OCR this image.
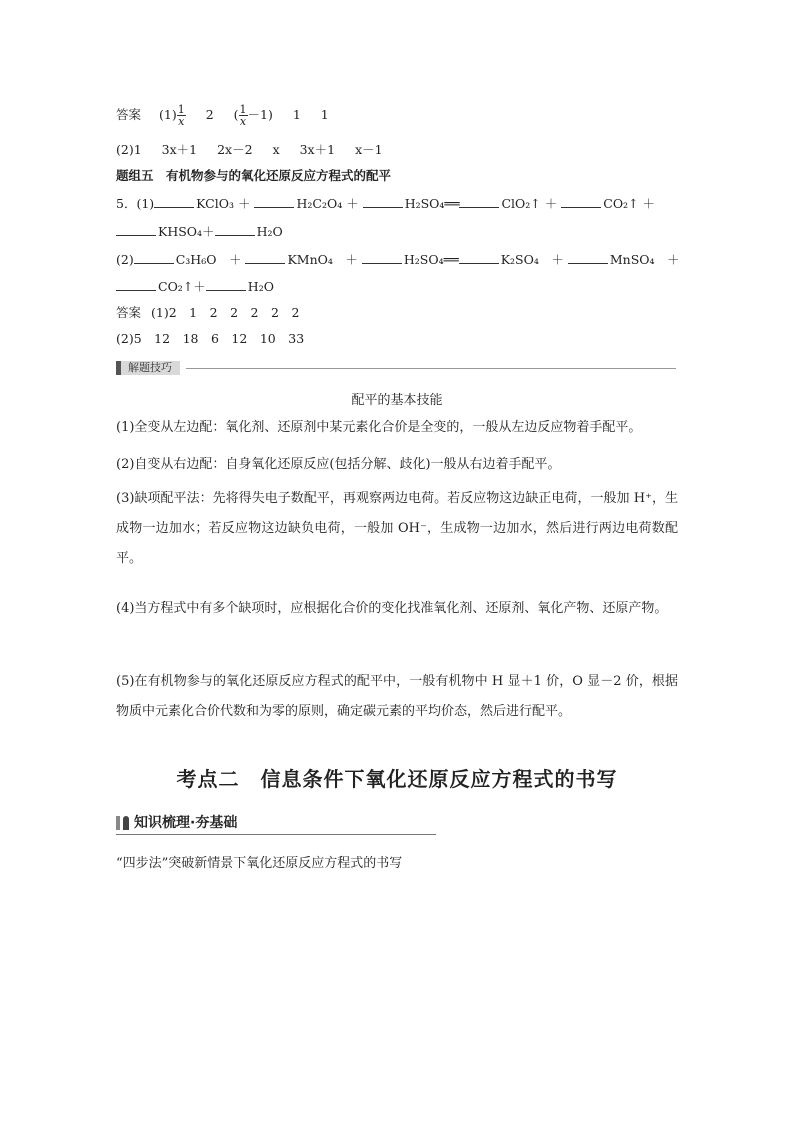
答案 $(1) \frac{1}{x} 2$ ( $\frac{1}{x} -1$) 1 1
(2)1 3x＋1 2x－2 x 3x＋1 x－1
题组五　有机物参与的氧化还原反应方程式的配平
5．(1)	KClO₃ ＋	H₂C₂O₄ ＋	H₂SO₄══	ClO₂↑ ＋	CO₂↑ ＋
KHSO₄＋	H₂O
(2)	C₃H₆O　＋	KMnO₄　＋	H₂SO₄══	K₂SO₄　＋	MnSO₄　＋
CO₂↑＋	H₂O
答案 (1)2　1　2　2　2　2　2
(2)5　12　18　6　12　10　33
解题技巧
配平的基本技能
(1)全变从左边配：氧化剂、还原剂中某元素化合价是全变的，一般从左边反应物着手配平。
(2)自变从右边配：自身氧化还原反应(包括分解、歧化)一般从右边着手配平。
(3)缺项配平法：先将得失电子数配平，再观察两边电荷。若反应物这边缺正电荷，一般加 H⁺，生成物一边加水；若反应物这边缺负电荷，一般加 OH⁻，生成物一边加水，然后进行两边电荷数配平。
(4)当方程式中有多个缺项时，应根据化合价的变化找准氧化剂、还原剂、氧化产物、还原产物。
(5)在有机物参与的氧化还原反应方程式的配平中，一般有机物中 H 显＋1 价，O 显－2 价，根据物质中元素化合价代数和为零的原则，确定碳元素的平均价态，然后进行配平。
考点二　信息条件下氧化还原反应方程式的书写
知识梳理·夯基础
“四步法”突破新情景下氧化还原反应方程式的书写
